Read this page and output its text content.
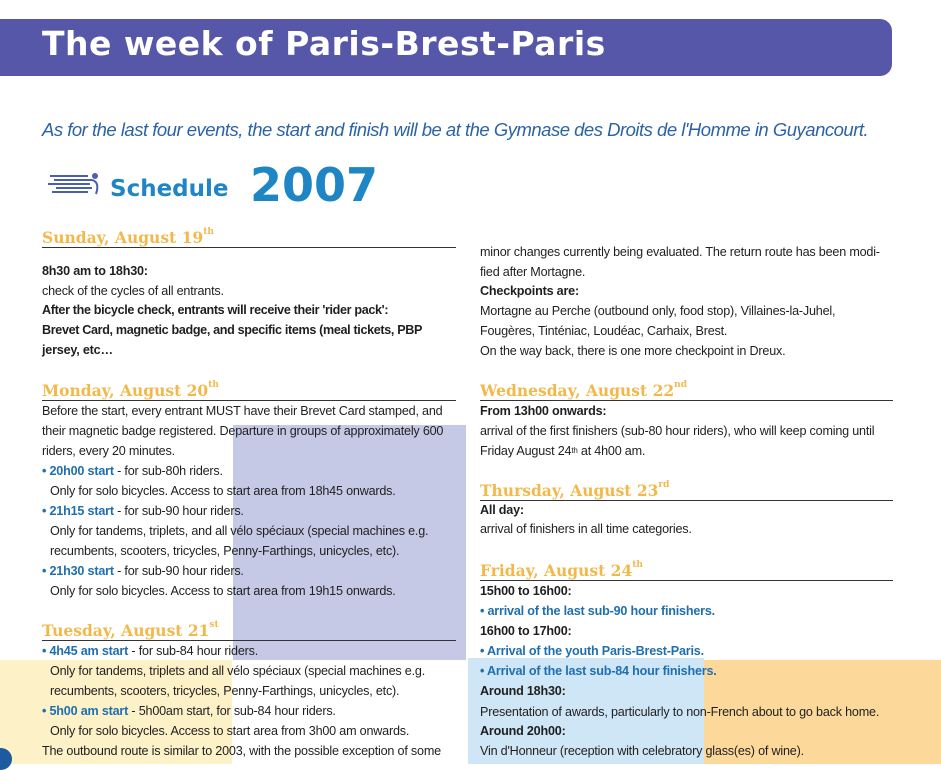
The week of Paris-Brest-Paris
As for the last four events, the start and finish will be at the Gymnase des Droits de l'Homme in Guyancourt.
Schedule 2007
Sunday, August 19th
8h30 am to 18h30:
check of the cycles of all entrants.
After the bicycle check, entrants will receive their 'rider pack':
Brevet Card, magnetic badge, and specific items (meal tickets, PBP
jersey, etc…
Monday, August 20th
Before the start, every entrant MUST have their Brevet Card stamped, and
their magnetic badge registered. Departure in groups of approximately 600
riders, every 20 minutes.
• 20h00 start - for sub-80h riders.
Only for solo bicycles. Access to start area from 18h45 onwards.
• 21h15 start - for sub-90 hour riders.
Only for tandems, triplets, and all vélo spéciaux (special machines e.g.
recumbents, scooters, tricycles, Penny-Farthings, unicycles, etc).
• 21h30 start - for sub-90 hour riders.
Only for solo bicycles. Access to start area from 19h15 onwards.
Tuesday, August 21st
• 4h45 am start - for sub-84 hour riders.
Only for tandems, triplets and all vélo spéciaux (special machines e.g.
recumbents, scooters, tricycles, Penny-Farthings, unicycles, etc).
• 5h00 am start - 5h00am start, for sub-84 hour riders.
Only for solo bicycles. Access to start area from 3h00 am onwards.
The outbound route is similar to 2003, with the possible exception of some
minor changes currently being evaluated. The return route has been modi-
fied after Mortagne.
Checkpoints are:
Mortagne au Perche (outbound only, food stop), Villaines-la-Juhel,
Fougères, Tinténiac, Loudéac, Carhaix, Brest.
On the way back, there is one more checkpoint in Dreux.
Wednesday, August 22nd
From 13h00 onwards:
arrival of the first finishers (sub-80 hour riders), who will keep coming until
Friday August 24th at 4h00 am.
Thursday, August 23rd
All day:
arrival of finishers in all time categories.
Friday, August 24th
15h00 to 16h00:
• arrival of the last sub-90 hour finishers.
16h00 to 17h00:
• Arrival of the youth Paris-Brest-Paris.
• Arrival of the last sub-84 hour finishers.
Around 18h30:
Presentation of awards, particularly to non-French about to go back home.
Around 20h00:
Vin d'Honneur (reception with celebratory glass(es) of wine).
